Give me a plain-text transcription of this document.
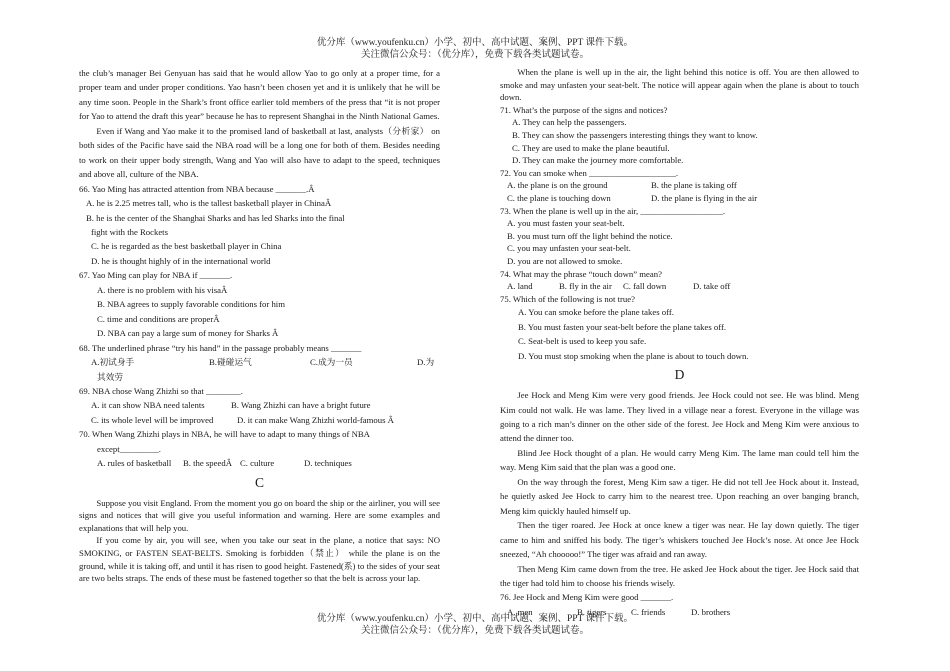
优分库（www.youfenku.cn）小学、初中、高中试题、案例、PPT 课件下载。
关注微信公众号：（优分库），免费下载各类试题试卷。

the club’s manager Bei Genyuan has said that he would allow Yao to go only at a proper time, for a proper team and under proper conditions. Yao hasn’t been chosen yet and it is unlikely that he will be any time soon. People in the Shark’s front office earlier told members of the press that “it is not proper for Yao to attend the draft this year” because he has to represent Shanghai in the Ninth National Games.

Even if Wang and Yao make it to the promised land of basketball at last, analysts（分析家） on both sides of the Pacific have said the NBA road will be a long one for both of them. Besides needing to work on their upper body strength, Wang and Yao will also have to adapt to the speed, techniques and above all, culture of the NBA.

66. Yao Ming has attracted attention from NBA because _______.Â

A. he is 2.25 metres tall, who is the tallest basketball player in ChinaÂ

B. he is the center of the Shanghai Sharks and has led Sharks into the final

fight with the Rockets

C. he is regarded as the best basketball player in China

D. he is thought highly of in the international world

67. Yao Ming can play for NBA if _______.

A. there is no problem with his visaÂ

B. NBA agrees to supply favorable conditions for him

C. time and conditions are properÂ

D. NBA can pay a large sum of money for Sharks Â

68. The underlined phrase “try his hand” in the passage probably means _______

A.初试身手	B.碰碰运气	C.成为一员	D.为

其效劳

69. NBA chose Wang Zhizhi so that ________.

A. it can show NBA need talents	B. Wang Zhizhi can have a bright future
C. its whole level will be improved	D. it can make Wang Zhizhi world-famous Â

70. When Wang Zhizhi plays in NBA, he will have to adapt to many things of NBA

except_________.

A. rules of basketball	B. the speedÂ C. culture	D. techniques

C

Suppose you visit England. From the moment you go on board the ship or the airliner, you will see signs and notices that will give you useful information and warning. Here are some examples and explanations that will help you.

If you come by air, you will see, when you take our seat in the plane, a notice that says: NO SMOKING, or FASTEN SEAT-BELTS. Smoking is forbidden（禁止） while the plane is on the ground, while it is taking off, and until it has risen to good height. Fastened(系) to the sides of your seat are two belts straps. The ends of these must be fastened together so that the belt is across your lap.

When the plane is well up in the air, the light behind this notice is off. You are then allowed to smoke and may unfasten your seat-belt. The notice will appear again when the plane is about to touch down.

71. What’s the purpose of the signs and notices?

A. They can help the passengers.

B. They can show the passengers interesting things they want to know.

C. They are used to make the plane beautiful.

D. They can make the journey more comfortable.

72. You can smoke when ____________________.

A. the plane is on the ground	B. the plane is taking off
C. the plane is touching down	D. the plane is flying in the air

73. When the plane is well up in the air, ___________________.

A. you must fasten your seat-belt.

B. you must turn off the light behind the notice.

C. you may unfasten your seat-belt.

D. you are not allowed to smoke.

74. What may the phrase “touch down” mean?

A. land	B. fly in the air	C. fall down	D. take off

75. Which of the following is not true?

A. You can smoke before the plane takes off.

B. You must fasten your seat-belt before the plane takes off.

C. Seat-belt is used to keep you safe.

D. You must stop smoking when the plane is about to touch down.

D

Jee Hock and Meng Kim were very good friends. Jee Hock could not see. He was blind. Meng Kim could not walk. He was lame. They lived in a village near a forest. Everyone in the village was going to a rich man’s dinner on the other side of the forest. Jee Hock and Meng Kim were anxious to attend the dinner too.

Blind Jee Hock thought of a plan. He would carry Meng Kim. The lame man could tell him the way. Meng Kim said that the plan was a good one.

On the way through the forest, Meng Kim saw a tiger. He did not tell Jee Hock about it. Instead, he quietly asked Jee Hock to carry him to the nearest tree. Upon reaching an over banging branch, Meng kim quickly hauled himself up.

Then the tiger roared. Jee Hock at once knew a tiger was near. He lay down quietly. The tiger came to him and sniffed his body. The tiger’s whiskers touched Jee Hock’s nose. At once Jee Hock sneezed, “Ah chooooo!” The tiger was afraid and ran away.

Then Meng Kim came down from the tree. He asked Jee Hock about the tiger. Jee Hock said that the tiger had told him to choose his friends wisely.

76. Jee Hock and Meng Kim were good _______.

A. men	B. tigers	C. friends	D. brothers
优分库（www.youfenku.cn）小学、初中、高中试题、案例、PPT 课件下载。
关注微信公众号：（优分库），免费下载各类试题试卷。
